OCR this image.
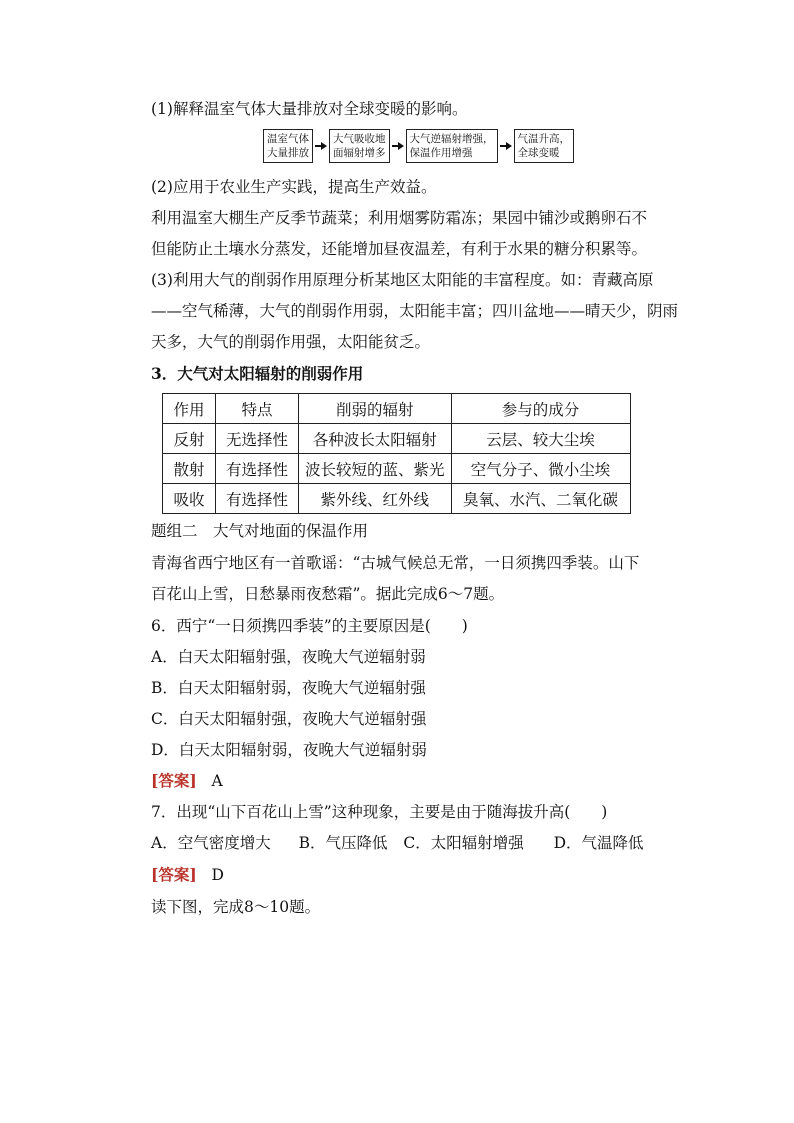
(1)解释温室气体大量排放对全球变暖的影响。
温室气体
大量排放
大气吸收地
面辐射增多
大气逆辐射增强，
保温作用增强
气温升高，
全球变暖
(2)应用于农业生产实践，提高生产效益。
利用温室大棚生产反季节蔬菜；利用烟雾防霜冻；果园中铺沙或鹅卵石不
但能防止土壤水分蒸发，还能增加昼夜温差，有利于水果的糖分积累等。
(3)利用大气的削弱作用原理分析某地区太阳能的丰富程度。如：青藏高原
——空气稀薄，大气的削弱作用弱，太阳能丰富；四川盆地——晴天少，阴雨
天多，大气的削弱作用强，太阳能贫乏。
3．大气对太阳辐射的削弱作用
作用	特点	削弱的辐射	参与的成分
反射	无选择性	各种波长太阳辐射	云层、较大尘埃
散射	有选择性	波长较短的蓝、紫光	空气分子、微小尘埃
吸收	有选择性	紫外线、红外线	臭氧、水汽、二氧化碳
题组二　大气对地面的保温作用
青海省西宁地区有一首歌谣：“古城气候总无常，一日须携四季装。山下
百花山上雪，日愁暴雨夜愁霜”。据此完成6～7题。
6．西宁“一日须携四季装”的主要原因是(　　)
A．白天太阳辐射强，夜晚大气逆辐射弱
B．白天太阳辐射弱，夜晚大气逆辐射强
C．白天太阳辐射强，夜晚大气逆辐射强
D．白天太阳辐射弱，夜晚大气逆辐射弱
[答案] A
7．出现“山下百花山上雪”这种现象，主要是由于随海拔升高(　　)
A．空气密度增大 B．气压降低 C．太阳辐射增强 D．气温降低
[答案] D
读下图，完成8～10题。
